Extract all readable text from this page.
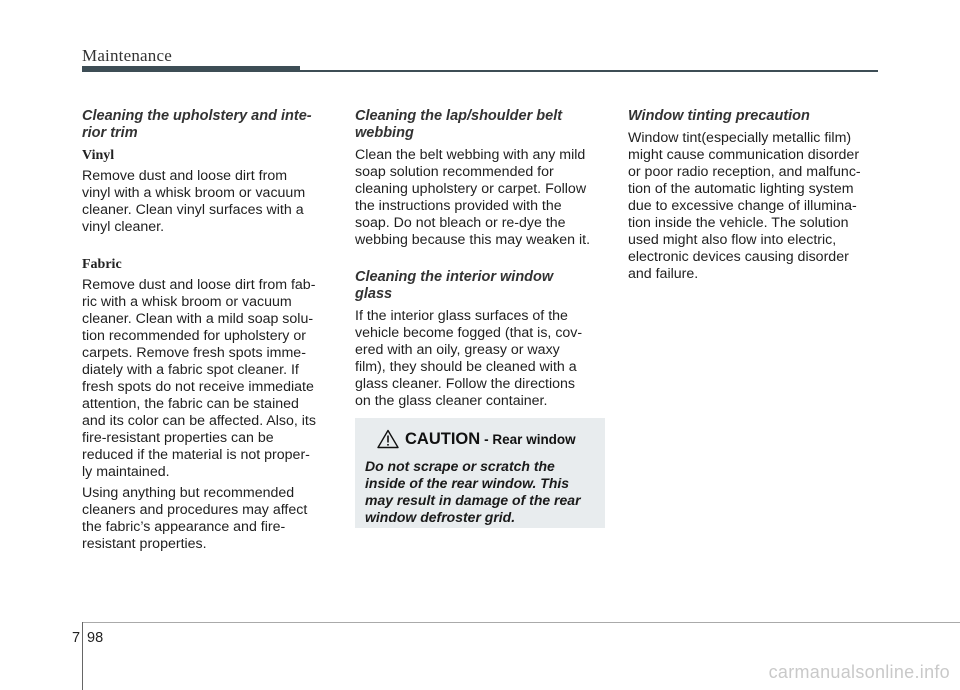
Maintenance
Cleaning the upholstery and inte-
rior trim
Vinyl
Remove dust and loose dirt from
vinyl with a whisk broom or vacuum
cleaner. Clean vinyl surfaces with a
vinyl cleaner.
Fabric
Remove dust and loose dirt from fab-
ric with a whisk broom or vacuum
cleaner. Clean with a mild soap solu-
tion recommended for upholstery or
carpets. Remove fresh spots imme-
diately with a fabric spot cleaner. If
fresh spots do not receive immediate
attention, the fabric can be stained
and its color can be affected. Also, its
fire-resistant properties can be
reduced if the material is not proper-
ly maintained.
Using anything but recommended
cleaners and procedures may affect
the fabric’s appearance and fire-
resistant properties.
Cleaning the lap/shoulder belt
webbing
Clean the belt webbing with any mild
soap solution recommended for
cleaning upholstery or carpet. Follow
the instructions provided with the
soap. Do not bleach or re-dye the
webbing because this may weaken it.
Cleaning the interior window
glass
If the interior glass surfaces of the
vehicle become fogged (that is, cov-
ered with an oily, greasy or waxy
film), they should be cleaned with a
glass cleaner. Follow the directions
on the glass cleaner container.
CAUTION - Rear window
Do not scrape or scratch the
inside of the rear window. This
may result in damage of the rear
window defroster grid.
Window tinting precaution
Window tint(especially metallic film)
might cause communication disorder
or poor radio reception, and malfunc-
tion of the automatic lighting system
due to excessive change of illumina-
tion inside the vehicle. The solution
used might also flow into electric,
electronic devices causing disorder
and failure.
7 98
carmanualsonline.info
